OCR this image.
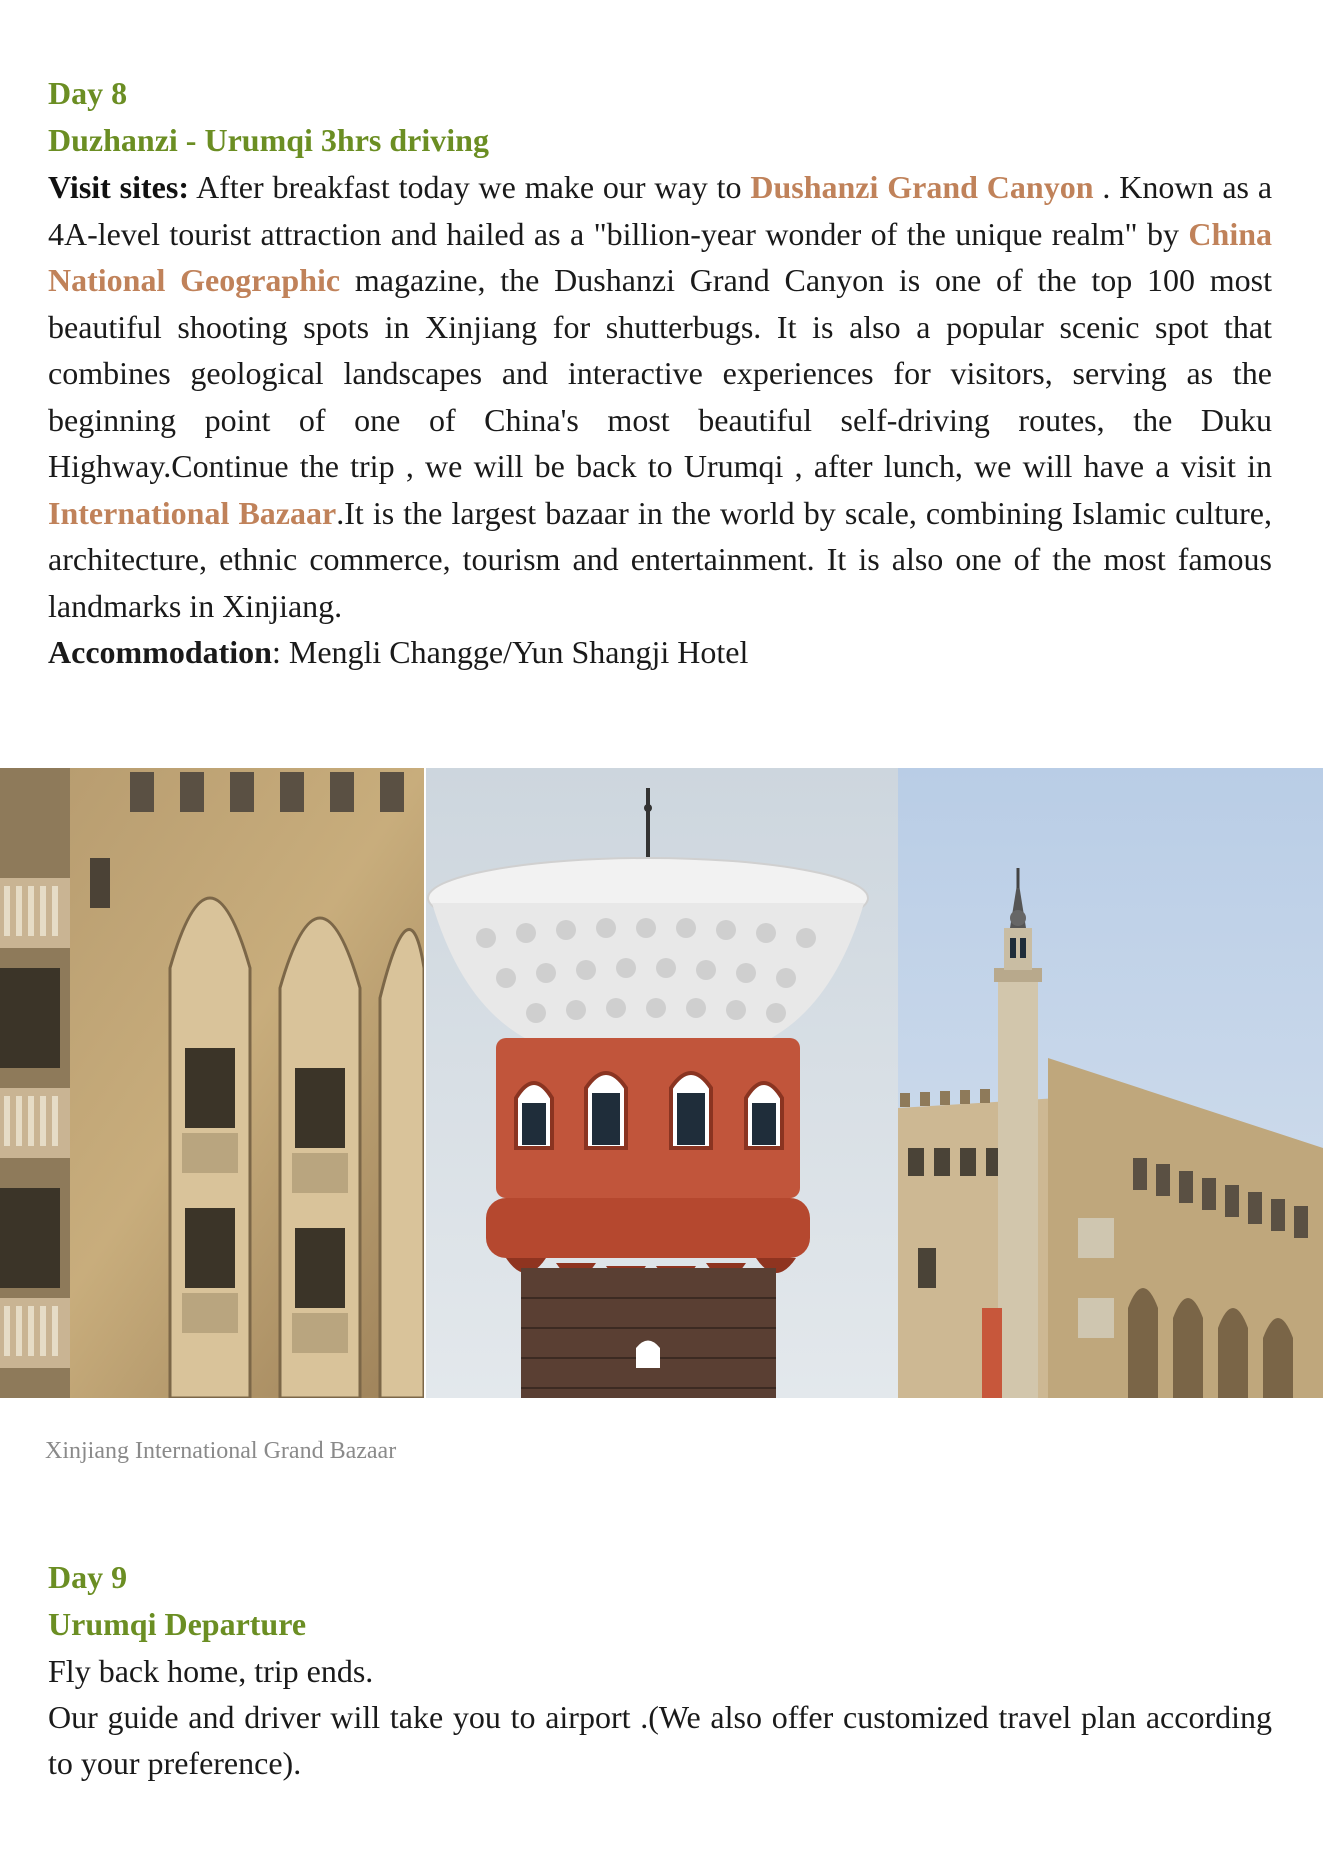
Day 8

Duzhanzi - Urumqi 3hrs driving

Visit sites: After breakfast today we make our way to Dushanzi Grand Canyon . Known as a 4A-level tourist attraction and hailed as a "billion-year wonder of the unique realm" by China National Geographic magazine, the Dushanzi Grand Canyon is one of the top 100 most beautiful shooting spots in Xinjiang for shutterbugs. It is also a popular scenic spot that combines geological landscapes and interactive experiences for visitors, serving as the beginning point of one of China's most beautiful self-driving routes, the Duku Highway.Continue the trip , we will be back to Urumqi , after lunch, we will have a visit in International Bazaar.It is the largest bazaar in the world by scale, combining Islamic culture, architecture, ethnic commerce, tourism and entertainment. It is also one of the most famous landmarks in Xinjiang.

Accommodation: Mengli Changge/Yun Shangji Hotel

Xinjiang International Grand Bazaar

Day 9

Urumqi Departure

Fly back home, trip ends.

Our guide and driver will take you to airport .(We also offer customized travel plan according to your preference).
